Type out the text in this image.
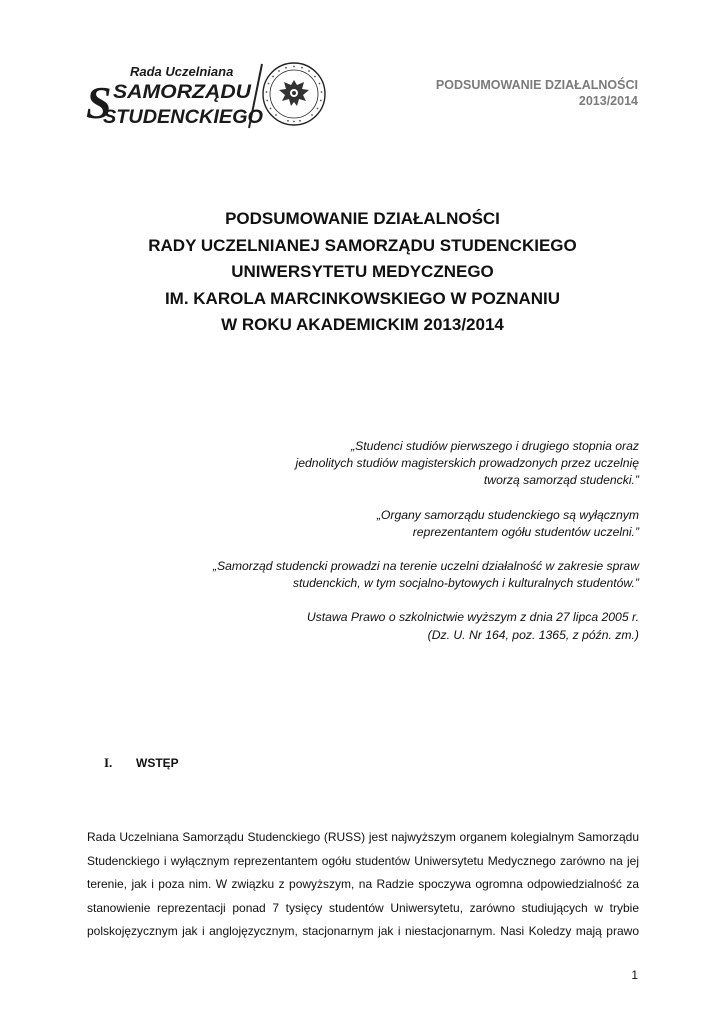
Rada Uczelniana
S SAMORZĄDU
STUDENCKIEGO
PODSUMOWANIE DZIAŁALNOŚCI
2013/2014
PODSUMOWANIE DZIAŁALNOŚCI
RADY UCZELNIANEJ SAMORZĄDU STUDENCKIEGO
UNIWERSYTETU MEDYCZNEGO
IM. KAROLA MARCINKOWSKIEGO W POZNANIU
W ROKU AKADEMICKIM 2013/2014
„Studenci studiów pierwszego i drugiego stopnia oraz
jednolitych studiów magisterskich prowadzonych przez uczelnię
tworzą samorząd studencki.”
„Organy samorządu studenckiego są wyłącznym
reprezentantem ogółu studentów uczelni.”
„Samorząd studencki prowadzi na terenie uczelni działalność w zakresie spraw
studenckich, w tym socjalno-bytowych i kulturalnych studentów.”
Ustawa Prawo o szkolnictwie wyższym z dnia 27 lipca 2005 r.
(Dz. U. Nr 164, poz. 1365, z późn. zm.)
I. WSTĘP
Rada Uczelniana Samorządu Studenckiego (RUSS) jest najwyższym organem kolegialnym Samorządu
Studenckiego i wyłącznym reprezentantem ogółu studentów Uniwersytetu Medycznego zarówno na jej
terenie, jak i poza nim. W związku z powyższym, na Radzie spoczywa ogromna odpowiedzialność za
stanowienie reprezentacji ponad 7 tysięcy studentów Uniwersytetu, zarówno studiujących w trybie
polskojęzycznym jak i anglojęzycznym, stacjonarnym jak i niestacjonarnym. Nasi Koledzy mają prawo
1
